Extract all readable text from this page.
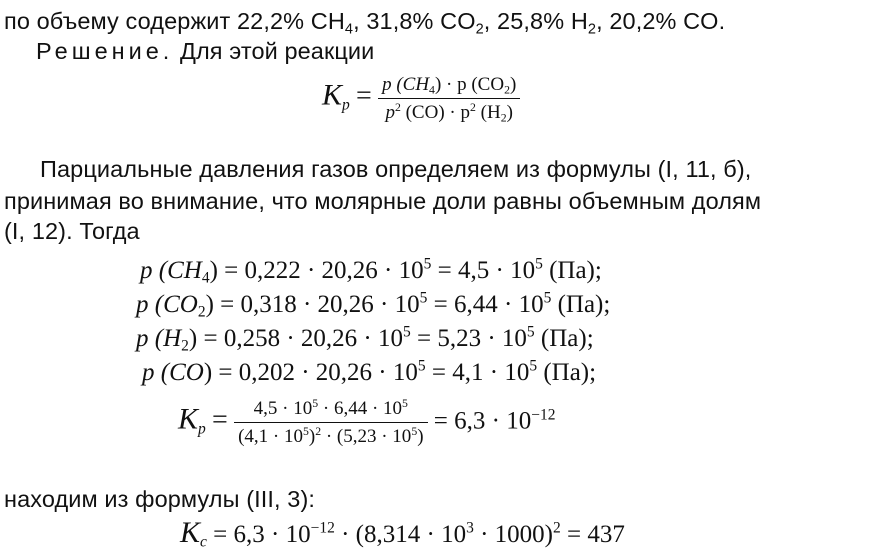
по объему содержит 22,2% $CH_4$, 31,8% $CO_2$, 25,8% $H_2$, 20,2% CO.
Решение. Для этой реакции
$K_p = \frac{p (CH_4) \cdot p (CO_2)}{p^2 (CO) \cdot p^2 (H_2)}$
Парциальные давления газов определяем из формулы (I, 11, б),
принимая во внимание, что молярные доли равны объемным долям
(I, 12). Тогда
p $(CH_4) = 0,222 \cdot 20,26 \cdot 10^5 = 4,5 \cdot 10^5$ (Па);
p $(CO_2) = 0,318 \cdot 20,26 \cdot 10^5 = 6,44 \cdot 10^5$ (Па);
p $(H_2) = 0,258 \cdot 20,26 \cdot 10^5 = 5,23 \cdot 10^5$ (Па);
p $(CO) = 0,202 \cdot 20,26 \cdot 10^5 = 4,1 \cdot 10^5$ (Па);
$K_p = \frac{4,5 \cdot 10^5 \cdot 6,44 \cdot 10^5}{(4,1 \cdot 10^5)^2 \cdot (5,23 \cdot 10^5)} = 6,3 \cdot 10^{-12}$
находим из формулы (III, 3):
$K_c = 6,3 \cdot 10^{-12} \cdot (8,314 \cdot 10^3 \cdot 1000)^2 = 437$
